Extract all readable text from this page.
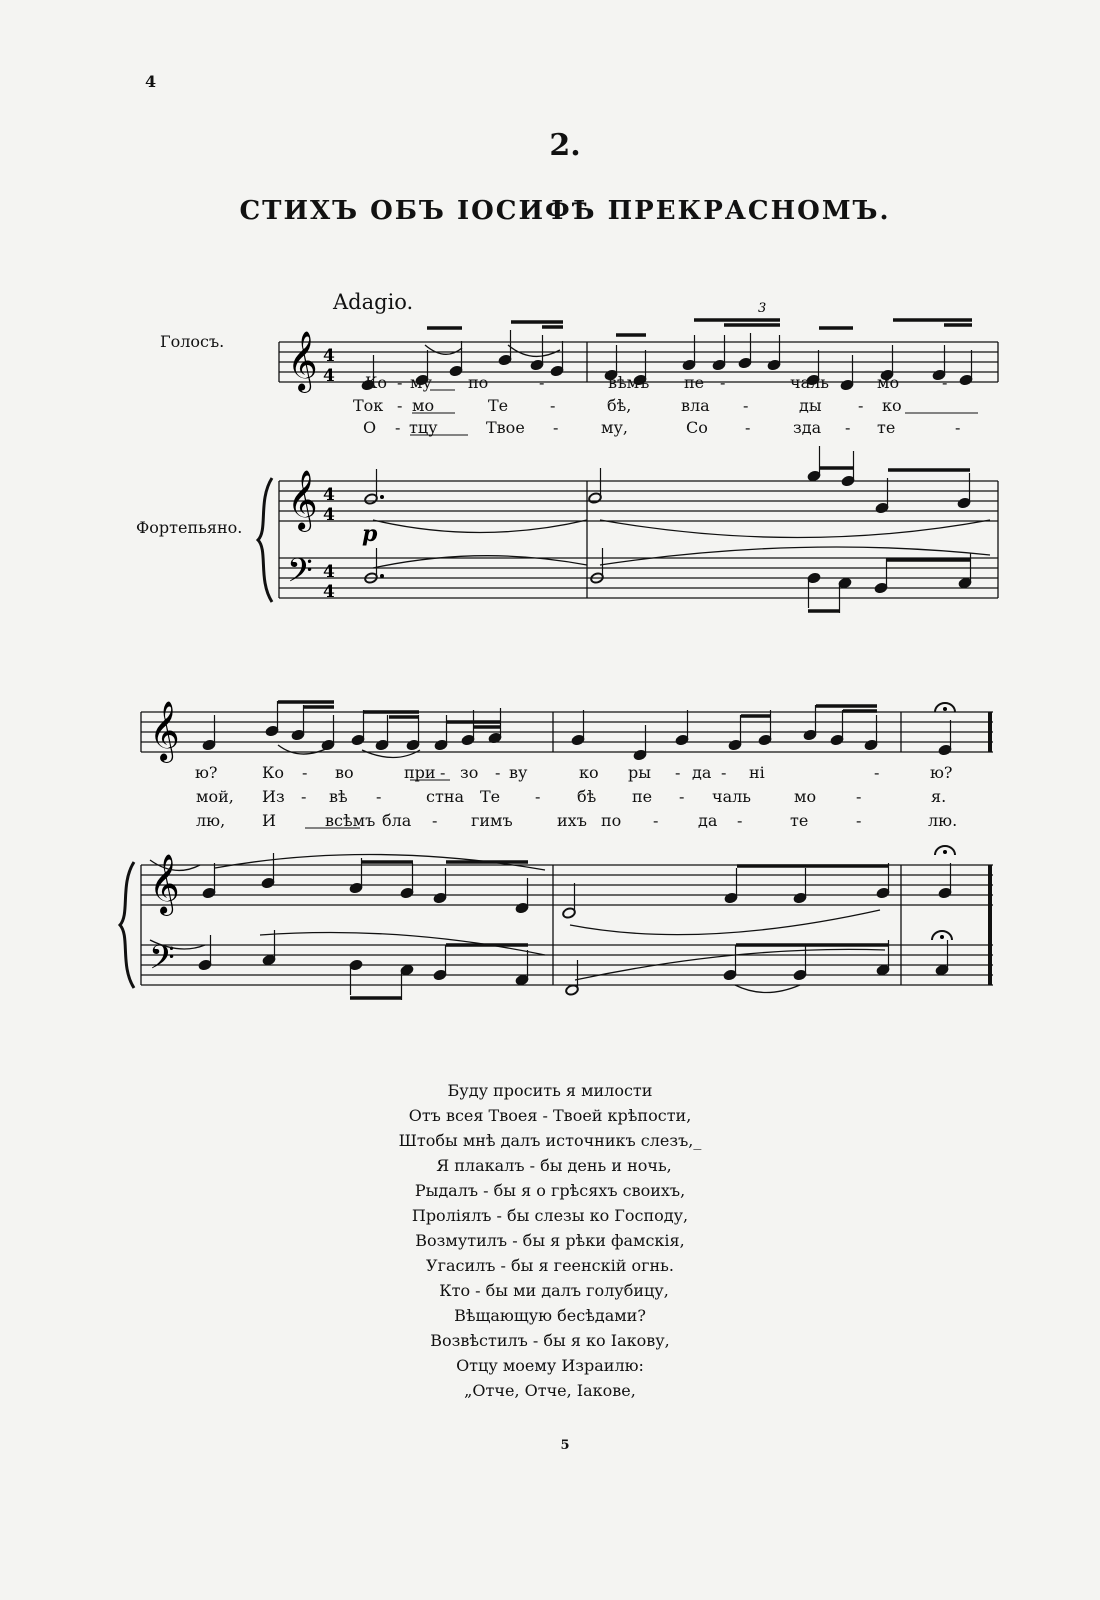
4
2.
СТИХЪ ОБЪ ІОСИФѢ ПРЕКРАСНОМЪ.
Adagio.
Голосъ.
Фортепьяно.
𝄞
𝄞
𝄢
𝄞
𝄞
𝄢
4
4
4
4
4
4
p
3
Ко - му по	-	вѣмъ пе -	чаль	мо	-
Ток - мо	Те	-	бѣ,	вла -	ды - ко
О - тцу	Твое -	му,	Со -	зда - те	-
ю?	Ко - во	при - зо - ву	ко ры - да - ні	-	ю?
мой, Из - вѣ -	стна Те - бѣ пе - чаль	мо -	я.
лю, И	всѣмъ бла - гимъ	ихъ по - да -	те	-	лю.
Буду просить я милости
Отъ всея Твоея - Твоей крѣпости,
Штобы мнѣ далъ источникъ слезъ,_
Я плакалъ - бы день и ночь,
Рыдалъ - бы я о грѣсяхъ своихъ,
Проліялъ - бы слезы ко Господу,
Возмутилъ - бы я рѣки фамскія,
Угасилъ - бы я геенскій огнь.
Кто - бы ми далъ голубицу,
Вѣщающую бесѣдами?
Возвѣстилъ - бы я ко Іакову,
Отцу моему Израилю:
„Отче, Отче, Іакове,
5
